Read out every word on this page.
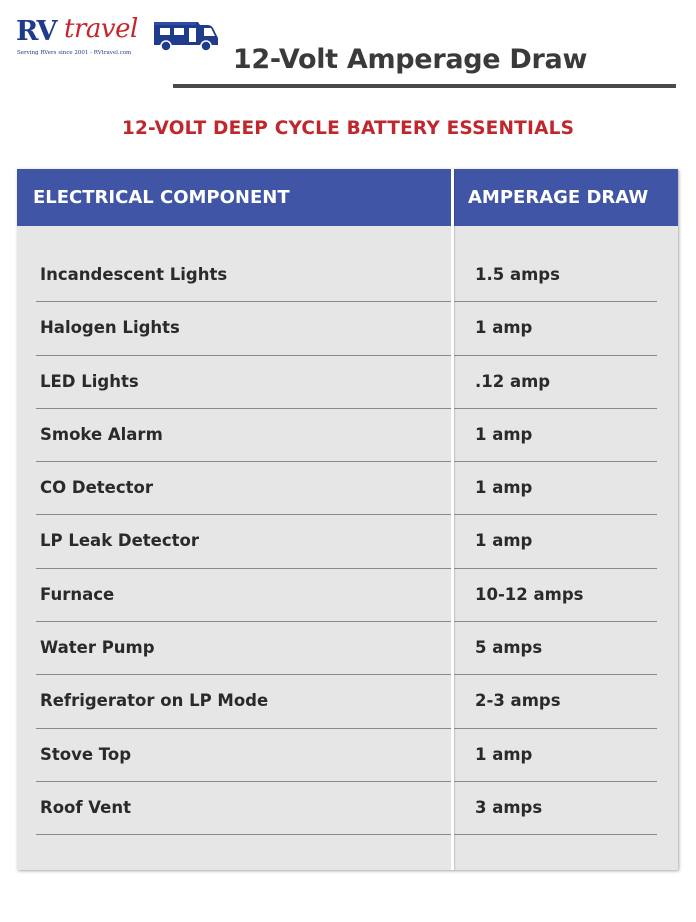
RV travel
Serving RVers since 2001 - RVtravel.com	12-Volt Amperage Draw
12-VOLT DEEP CYCLE BATTERY ESSENTIALS
ELECTRICAL COMPONENT	AMPERAGE DRAW
Incandescent Lights	1.5 amps
Halogen Lights	1 amp
LED Lights	.12 amp
Smoke Alarm	1 amp
CO Detector	1 amp
LP Leak Detector	1 amp
Furnace	10-12 amps
Water Pump	5 amps
Refrigerator on LP Mode	2-3 amps
Stove Top	1 amp
Roof Vent	3 amps
